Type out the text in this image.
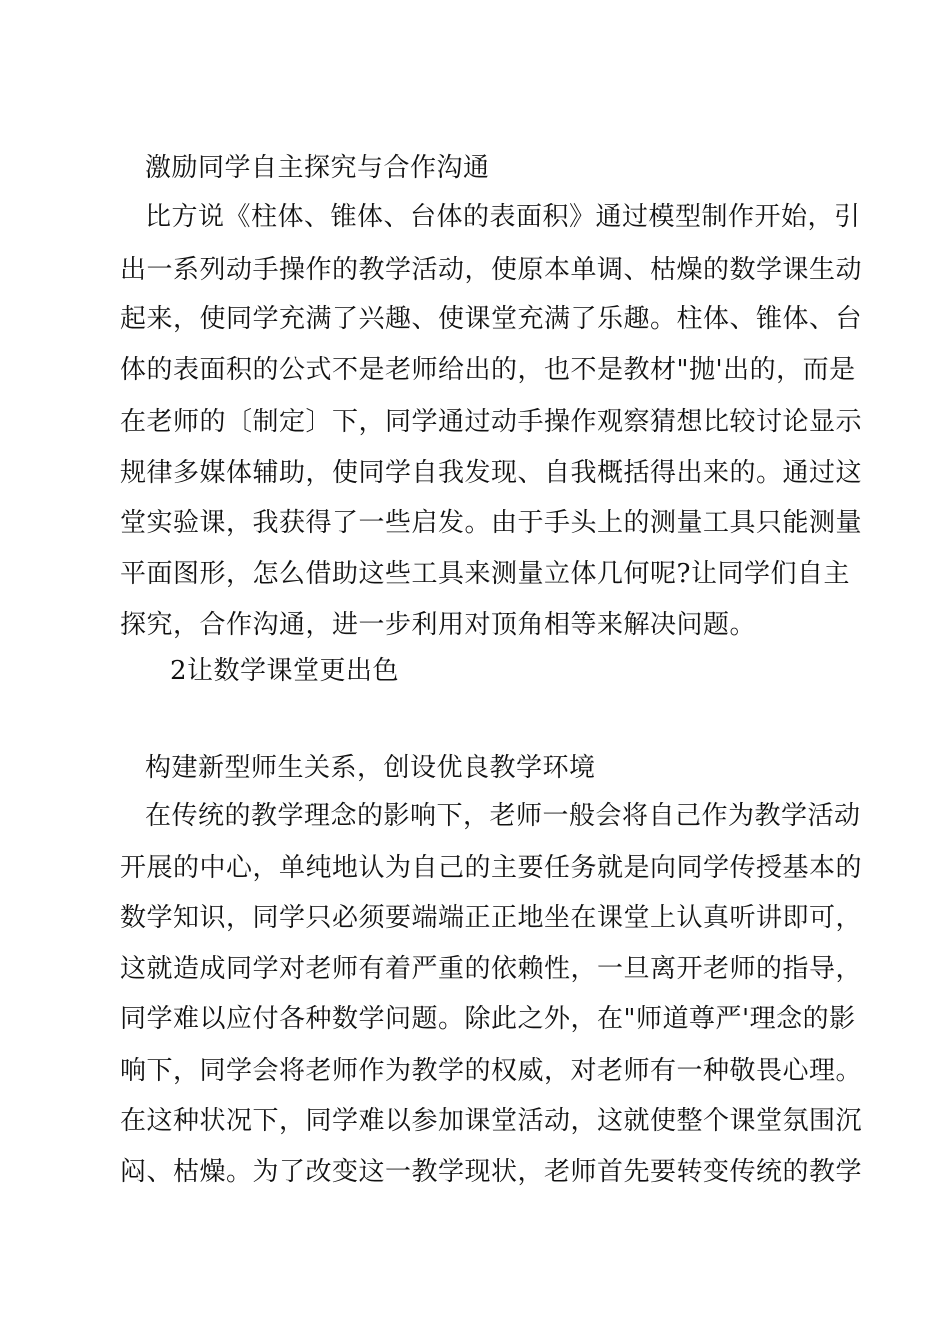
激励同学自主探究与合作沟通
比方说《柱体、锥体、台体的表面积》通过模型制作开始，引
出一系列动手操作的教学活动，使原本单调、枯燥的数学课生动
起来，使同学充满了兴趣、使课堂充满了乐趣。柱体、锥体、台
体的表面积的公式不是老师给出的，也不是教材"抛'出的，而是
在老师的〔制定〕下，同学通过动手操作观察猜想比较讨论显示
规律多媒体辅助，使同学自我发现、自我概括得出来的。通过这
堂实验课，我获得了一些启发。由于手头上的测量工具只能测量
平面图形，怎么借助这些工具来测量立体几何呢?让同学们自主
探究，合作沟通，进一步利用对顶角相等来解决问题。
2让数学课堂更出色
构建新型师生关系，创设优良教学环境
在传统的教学理念的影响下，老师一般会将自己作为教学活动
开展的中心，单纯地认为自己的主要任务就是向同学传授基本的
数学知识，同学只必须要端端正正地坐在课堂上认真听讲即可，
这就造成同学对老师有着严重的依赖性，一旦离开老师的指导，
同学难以应付各种数学问题。除此之外，在"师道尊严'理念的影
响下，同学会将老师作为教学的权威，对老师有一种敬畏心理。
在这种状况下，同学难以参加课堂活动，这就使整个课堂氛围沉
闷、枯燥。为了改变这一教学现状，老师首先要转变传统的教学
